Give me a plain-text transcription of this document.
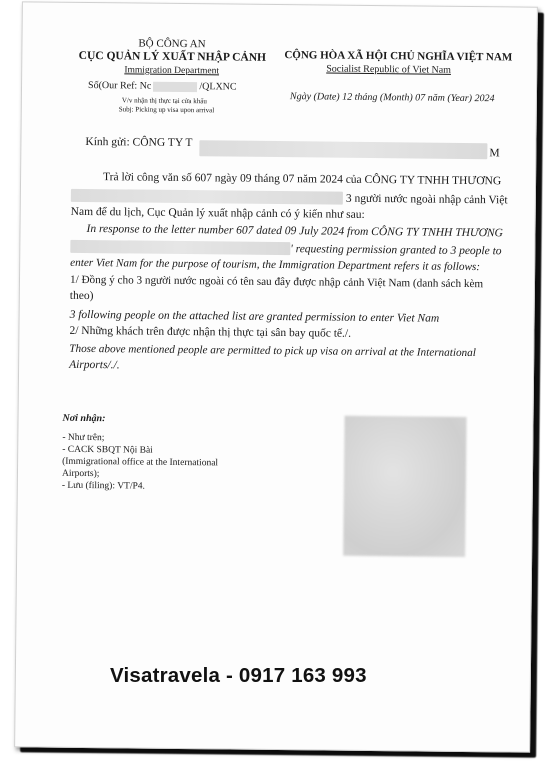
BỘ CÔNG AN
CỤC QUẢN LÝ XUẤT NHẬP CẢNH
Immigration Department
Số(Our Ref: Nc	/QLXNC
V/v nhận thị thực tại cửa khẩu
Subj: Picking up visa upon arrival
CỘNG HÒA XÃ HỘI CHỦ NGHĨA VIỆT NAM
Socialist Republic of Viet Nam
Ngày (Date) 12 tháng (Month) 07 năm (Year) 2024
Kính gửi: CÔNG TY T
M
Trả lời công văn số 607 ngày 09 tháng 07 năm 2024 của CÔNG TY TNHH THƯƠNG
3 người nước ngoài nhập cảnh Việt
Nam để du lịch, Cục Quản lý xuất nhập cảnh có ý kiến như sau:
In response to the letter number 607 dated 09 July 2024 from CÔNG TY TNHH THƯƠNG
' requesting permission granted to 3 people to
enter Viet Nam for the purpose of tourism, the Immigration Department refers it as follows:
1/ Đồng ý cho 3 người nước ngoài có tên sau đây được nhập cảnh Việt Nam (danh sách kèm
theo)
3 following people on the attached list are granted permission to enter Viet Nam
2/ Những khách trên được nhận thị thực tại sân bay quốc tế./.
Those above mentioned people are permitted to pick up visa on arrival at the International
Airports/./.
Nơi nhận:
- Như trên;
- CACK SBQT Nội Bài
(Immigrational office at the International
Airports);
- Lưu (filing): VT/P4.
Visatravela - 0917 163 993
